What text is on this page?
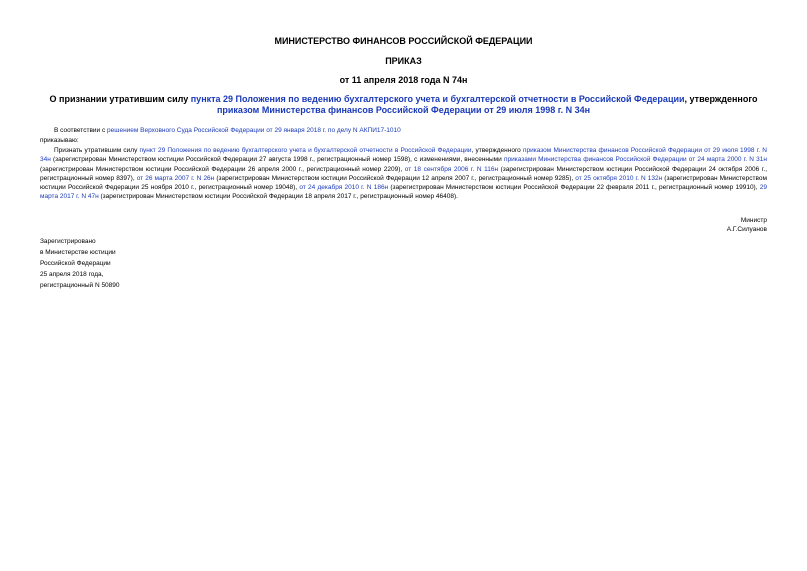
МИНИСТЕРСТВО ФИНАНСОВ РОССИЙСКОЙ ФЕДЕРАЦИИ
ПРИКАЗ
от 11 апреля 2018 года N 74н
О признании утратившим силу пункта 29 Положения по ведению бухгалтерского учета и бухгалтерской отчетности в Российской Федерации, утвержденного
приказом Министерства финансов Российской Федерации от 29 июля 1998 г. N 34н
В соответствии с решением Верховного Суда Российской Федерации от 29 января 2018 г. по делу N АКПИ17-1010
приказываю:
Признать утратившим силу пункт 29 Положения по ведению бухгалтерского учета и бухгалтерской отчетности в Российской Федерации, утвержденного приказом Министерства финансов Российской Федерации от 29 июля 1998 г. N 34н (зарегистрирован Министерством юстиции Российской Федерации 27 августа 1998 г., регистрационный номер 1598), с изменениями, внесенными приказами Министерства финансов Российской Федерации от 24 марта 2000 г. N 31н (зарегистрирован Министерством юстиции Российской Федерации 26 апреля 2000 г., регистрационный номер 2209), от 18 сентября 2006 г. N 116н (зарегистрирован Министерством юстиции Российской Федерации 24 октября 2006 г., регистрационный номер 8397), от 26 марта 2007 г. N 26н (зарегистрирован Министерством юстиции Российской Федерации 12 апреля 2007 г., регистрационный номер 9285), от 25 октября 2010 г. N 132н (зарегистрирован Министерством юстиции Российской Федерации 25 ноября 2010 г., регистрационный номер 19048), от 24 декабря 2010 г. N 186н (зарегистрирован Министерством юстиции Российской Федерации 22 февраля 2011 г., регистрационный номер 19910), 29 марта 2017 г. N 47н (зарегистрирован Министерством юстиции Российской Федерации 18 апреля 2017 г., регистрационный номер 46408).
Министр
А.Г.Силуанов
Зарегистрировано
в Министерстве юстиции
Российской Федерации
25 апреля 2018 года,
регистрационный N 50890
